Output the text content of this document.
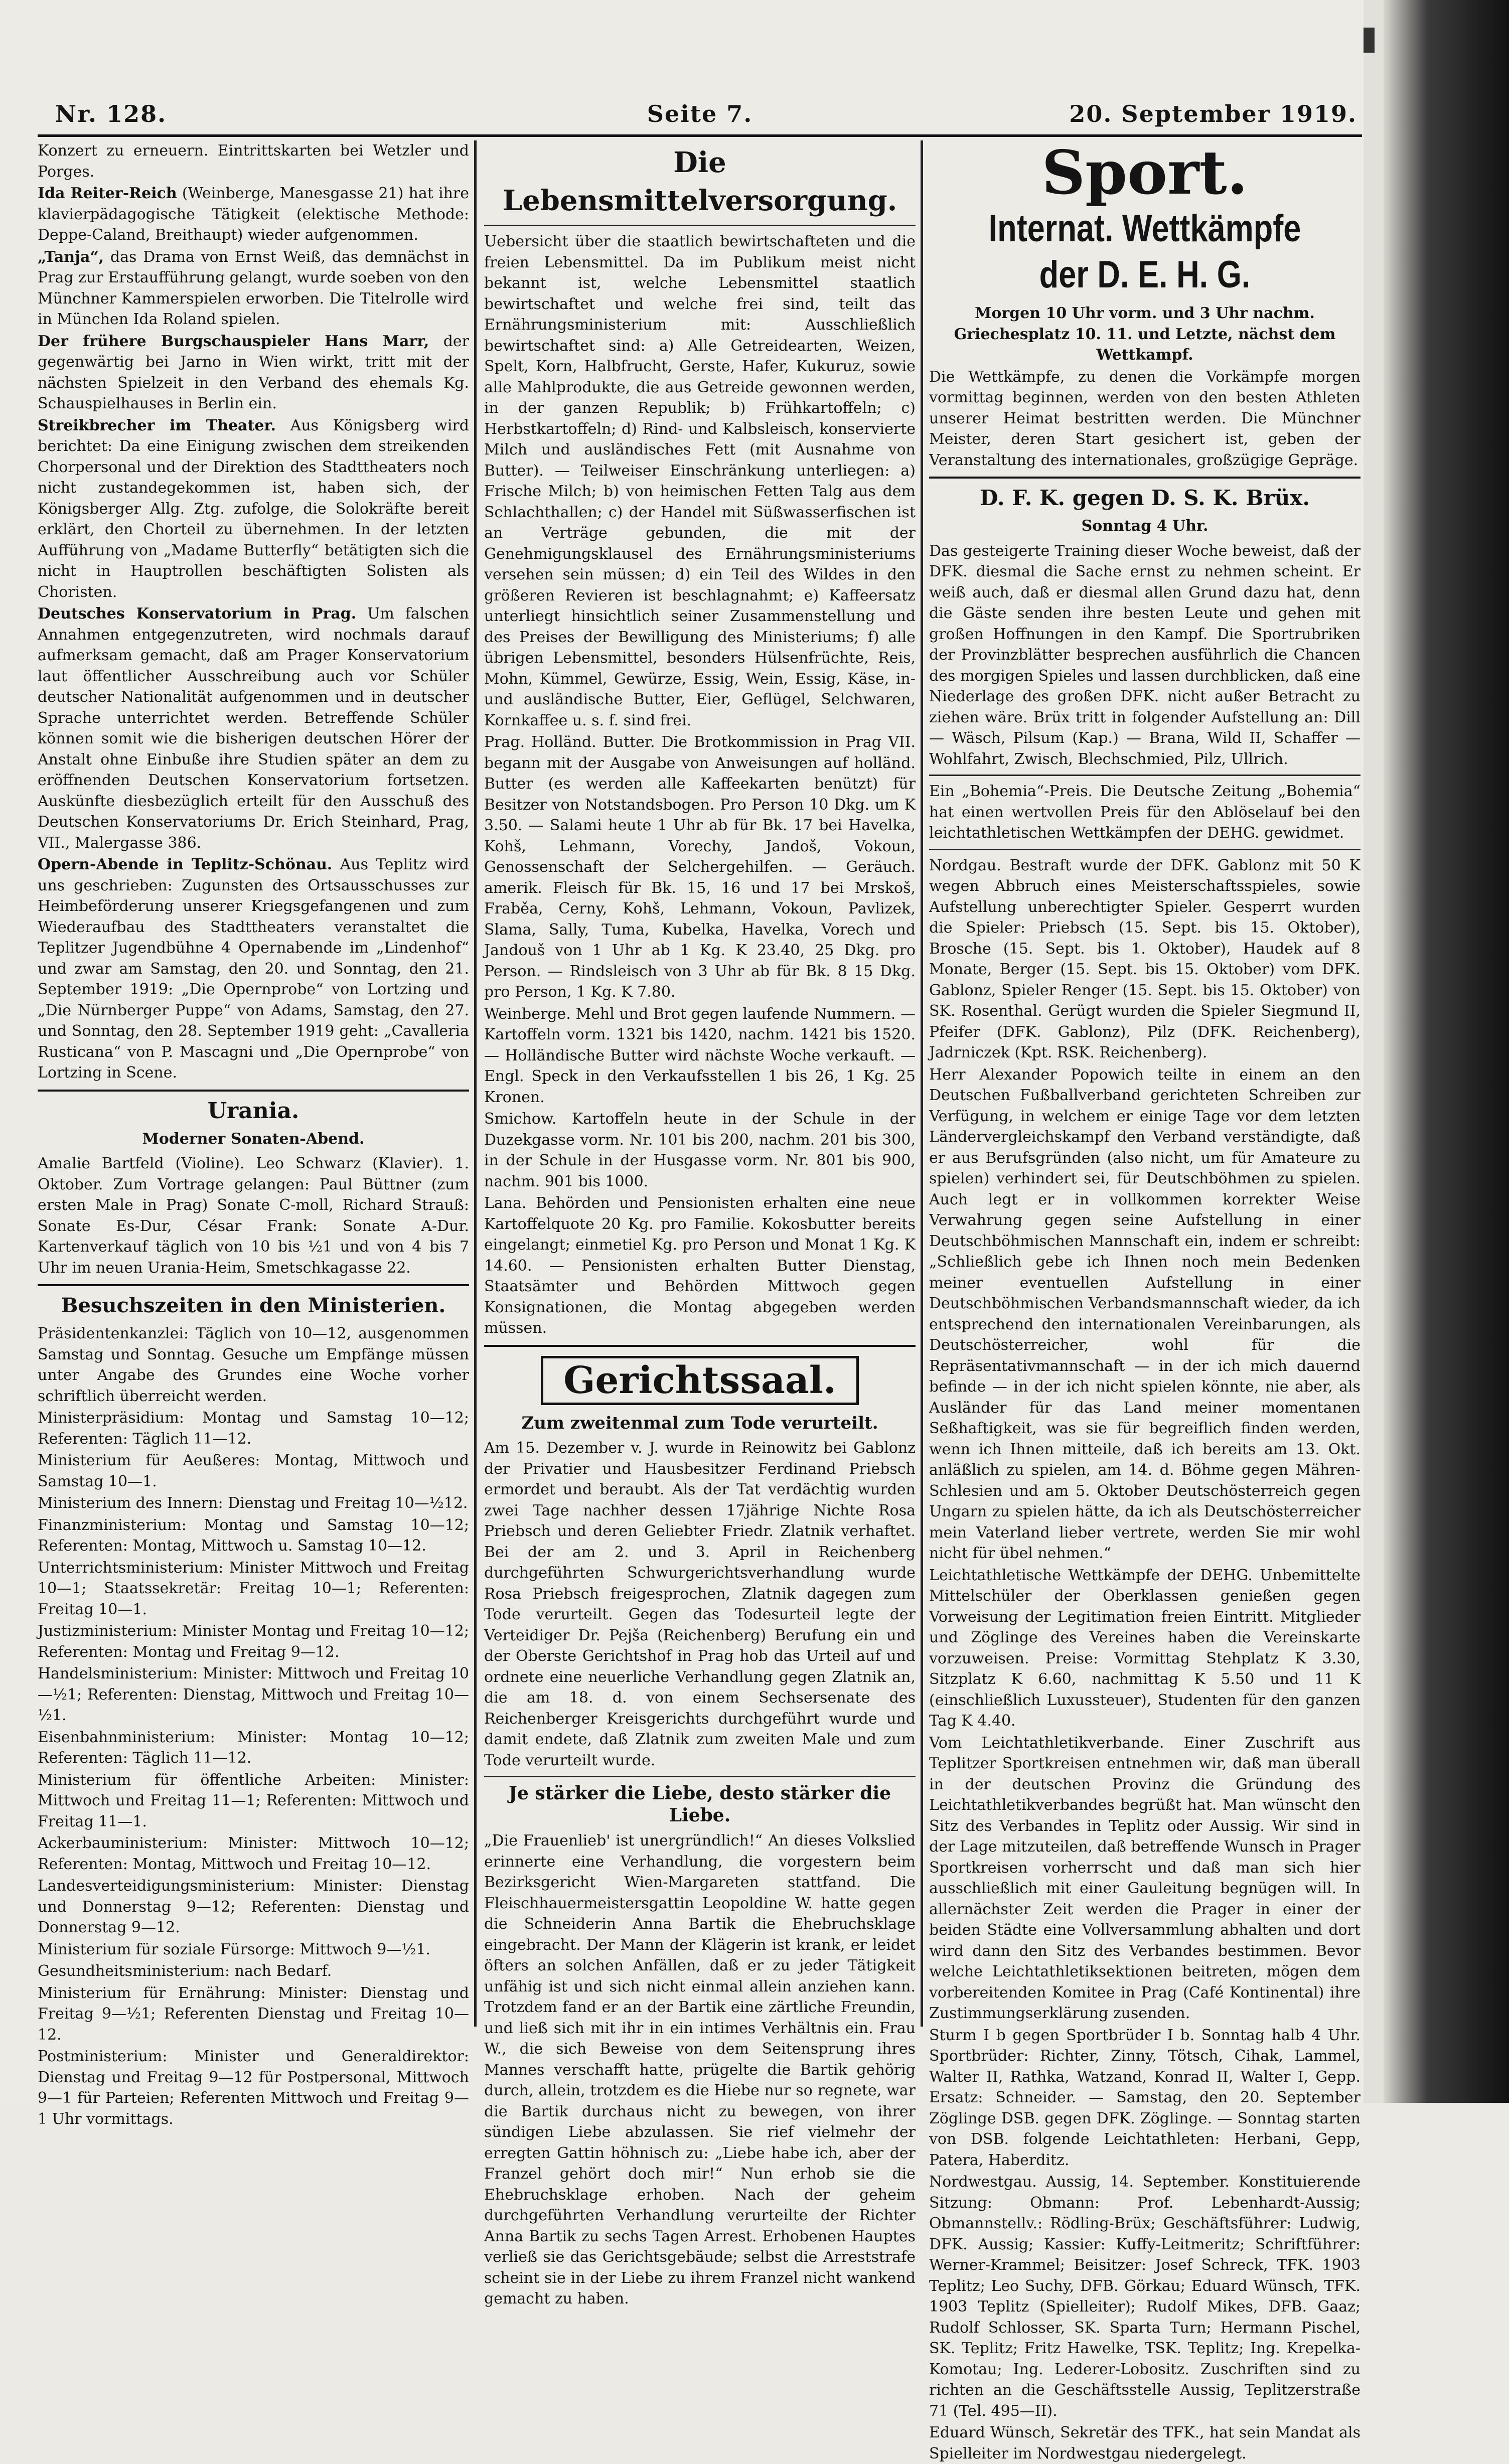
Nr. 128.	Seite 7.	20. September 1919.

Konzert zu erneuern. Eintrittskarten bei Wetzler und Porges.

Ida Reiter-Reich (Weinberge, Manesgasse 21) hat ihre klavierpädagogische Tätigkeit (elektische Methode: Deppe-Caland, Breithaupt) wieder aufgenommen.

„Tanja“, das Drama von Ernst Weiß, das demnächst in Prag zur Erstaufführung gelangt, wurde soeben von den Münchner Kammerspielen erworben. Die Titelrolle wird in München Ida Roland spielen.

Der frühere Burgschauspieler Hans Marr, der gegenwärtig bei Jarno in Wien wirkt, tritt mit der nächsten Spielzeit in den Verband des ehemals Kg. Schauspielhauses in Berlin ein.

Streikbrecher im Theater. Aus Königsberg wird berichtet: Da eine Einigung zwischen dem streikenden Chorpersonal und der Direktion des Stadttheaters noch nicht zustandegekommen ist, haben sich, der Königsberger Allg. Ztg. zufolge, die Solokräfte bereit erklärt, den Chorteil zu übernehmen. In der letzten Aufführung von „Madame Butterfly“ betätigten sich die nicht in Hauptrollen beschäftigten Solisten als Choristen.

Deutsches Konservatorium in Prag. Um falschen Annahmen entgegenzutreten, wird nochmals darauf aufmerksam gemacht, daß am Prager Konservatorium laut öffentlicher Ausschreibung auch vor Schüler deutscher Nationalität aufgenommen und in deutscher Sprache unterrichtet werden. Betreffende Schüler können somit wie die bisherigen deutschen Hörer der Anstalt ohne Einbuße ihre Studien später an dem zu eröffnenden Deutschen Konservatorium fortsetzen. Auskünfte diesbezüglich erteilt für den Ausschuß des Deutschen Konservatoriums Dr. Erich Steinhard, Prag, VII., Malergasse 386.

Opern-Abende in Teplitz-Schönau. Aus Teplitz wird uns geschrieben: Zugunsten des Ortsausschusses zur Heimbeförderung unserer Kriegsgefangenen und zum Wiederaufbau des Stadttheaters veranstaltet die Teplitzer Jugendbühne 4 Opernabende im „Lindenhof“ und zwar am Samstag, den 20. und Sonntag, den 21. September 1919: „Die Opernprobe“ von Lortzing und „Die Nürnberger Puppe“ von Adams, Samstag, den 27. und Sonntag, den 28. September 1919 geht: „Cavalleria Rusticana“ von P. Mascagni und „Die Opernprobe“ von Lortzing in Scene.

Urania.
Moderner Sonaten-Abend.

Amalie Bartfeld (Violine). Leo Schwarz (Klavier). 1. Oktober. Zum Vortrage gelangen: Paul Büttner (zum ersten Male in Prag) Sonate C-moll, Richard Strauß: Sonate Es-Dur, César Frank: Sonate A-Dur. Kartenverkauf täglich von 10 bis ½1 und von 4 bis 7 Uhr im neuen Urania-Heim, Smetschkagasse 22.

Besuchszeiten in den Ministerien.

Präsidentenkanzlei: Täglich von 10—12, ausgenommen Samstag und Sonntag. Gesuche um Empfänge müssen unter Angabe des Grundes eine Woche vorher schriftlich überreicht werden.

Ministerpräsidium: Montag und Samstag 10—12; Referenten: Täglich 11—12.

Ministerium für Aeußeres: Montag, Mittwoch und Samstag 10—1.

Ministerium des Innern: Dienstag und Freitag 10—½12.

Finanzministerium: Montag und Samstag 10—12; Referenten: Montag, Mittwoch u. Samstag 10—12.

Unterrichtsministerium: Minister Mittwoch und Freitag 10—1; Staatssekretär: Freitag 10—1; Referenten: Freitag 10—1.

Justizministerium: Minister Montag und Freitag 10—12; Referenten: Montag und Freitag 9—12.

Handelsministerium: Minister: Mittwoch und Freitag 10—½1; Referenten: Dienstag, Mittwoch und Freitag 10—½1.

Eisenbahnministerium: Minister: Montag 10—12; Referenten: Täglich 11—12.

Ministerium für öffentliche Arbeiten: Minister: Mittwoch und Freitag 11—1; Referenten: Mittwoch und Freitag 11—1.

Ackerbauministerium: Minister: Mittwoch 10—12; Referenten: Montag, Mittwoch und Freitag 10—12.

Landesverteidigungsministerium: Minister: Dienstag und Donnerstag 9—12; Referenten: Dienstag und Donnerstag 9—12.

Ministerium für soziale Fürsorge: Mittwoch 9—½1.

Gesundheitsministerium: nach Bedarf.

Ministerium für Ernährung: Minister: Dienstag und Freitag 9—½1; Referenten Dienstag und Freitag 10—12.

Postministerium: Minister und Generaldirektor: Dienstag und Freitag 9—12 für Postpersonal, Mittwoch 9—1 für Parteien; Referenten Mittwoch und Freitag 9—1 Uhr vormittags.

Die Lebensmittelversorgung.

Uebersicht über die staatlich bewirtschafteten und die freien Lebensmittel. Da im Publikum meist nicht bekannt ist, welche Lebensmittel staatlich bewirtschaftet und welche frei sind, teilt das Ernährungsministerium mit: Ausschließlich bewirtschaftet sind: a) Alle Getreidearten, Weizen, Spelt, Korn, Halbfrucht, Gerste, Hafer, Kukuruz, sowie alle Mahlprodukte, die aus Getreide gewonnen werden, in der ganzen Republik; b) Frühkartoffeln; c) Herbstkartoffeln; d) Rind- und Kalbsleisch, konservierte Milch und ausländisches Fett (mit Ausnahme von Butter). — Teilweiser Einschränkung unterliegen: a) Frische Milch; b) von heimischen Fetten Talg aus dem Schlachthallen; c) der Handel mit Süßwasserfischen ist an Verträge gebunden, die mit der Genehmigungsklausel des Ernährungsministeriums versehen sein müssen; d) ein Teil des Wildes in den größeren Revieren ist beschlagnahmt; e) Kaffeersatz unterliegt hinsichtlich seiner Zusammenstellung und des Preises der Bewilligung des Ministeriums; f) alle übrigen Lebensmittel, besonders Hülsenfrüchte, Reis, Mohn, Kümmel, Gewürze, Essig, Wein, Essig, Käse, in- und ausländische Butter, Eier, Geflügel, Selchwaren, Kornkaffee u. s. f. sind frei.

Prag. Holländ. Butter. Die Brotkommission in Prag VII. begann mit der Ausgabe von Anweisungen auf holländ. Butter (es werden alle Kaffeekarten benützt) für Besitzer von Notstandsbogen. Pro Person 10 Dkg. um K 3.50. — Salami heute 1 Uhr ab für Bk. 17 bei Havelka, Kohš, Lehmann, Vorechy, Jandoš, Vokoun, Genossenschaft der Selchergehilfen. — Geräuch. amerik. Fleisch für Bk. 15, 16 und 17 bei Mrskoš, Fraběa, Cerny, Kohš, Lehmann, Vokoun, Pavlizek, Slama, Sally, Tuma, Kubelka, Havelka, Vorech und Jandouš von 1 Uhr ab 1 Kg. K 23.40, 25 Dkg. pro Person. — Rindsleisch von 3 Uhr ab für Bk. 8 15 Dkg. pro Person, 1 Kg. K 7.80.

Weinberge. Mehl und Brot gegen laufende Nummern. — Kartoffeln vorm. 1321 bis 1420, nachm. 1421 bis 1520. — Holländische Butter wird nächste Woche verkauft. — Engl. Speck in den Verkaufsstellen 1 bis 26, 1 Kg. 25 Kronen.

Smichow. Kartoffeln heute in der Schule in der Duzekgasse vorm. Nr. 101 bis 200, nachm. 201 bis 300, in der Schule in der Husgasse vorm. Nr. 801 bis 900, nachm. 901 bis 1000.

Lana. Behörden und Pensionisten erhalten eine neue Kartoffelquote 20 Kg. pro Familie. Kokosbutter bereits eingelangt; einmetiel Kg. pro Person und Monat 1 Kg. K 14.60. — Pensionisten erhalten Butter Dienstag, Staatsämter und Behörden Mittwoch gegen Konsignationen, die Montag abgegeben werden müssen.

Gerichtssaal.
Zum zweitenmal zum Tode verurteilt.

Am 15. Dezember v. J. wurde in Reinowitz bei Gablonz der Privatier und Hausbesitzer Ferdinand Priebsch ermordet und beraubt. Als der Tat verdächtig wurden zwei Tage nachher dessen 17jährige Nichte Rosa Priebsch und deren Geliebter Friedr. Zlatnik verhaftet. Bei der am 2. und 3. April in Reichenberg durchgeführten Schwurgerichtsverhandlung wurde Rosa Priebsch freigesprochen, Zlatnik dagegen zum Tode verurteilt. Gegen das Todesurteil legte der Verteidiger Dr. Pejša (Reichenberg) Berufung ein und der Oberste Gerichtshof in Prag hob das Urteil auf und ordnete eine neuerliche Verhandlung gegen Zlatnik an, die am 18. d. von einem Sechsersenate des Reichenberger Kreisgerichts durchgeführt wurde und damit endete, daß Zlatnik zum zweiten Male und zum Tode verurteilt wurde.

Je stärker die Liebe, desto stärker die Liebe.

„Die Frauenlieb' ist unergründlich!“ An dieses Volkslied erinnerte eine Verhandlung, die vorgestern beim Bezirksgericht Wien-Margareten stattfand. Die Fleischhauermeistersgattin Leopoldine W. hatte gegen die Schneiderin Anna Bartik die Ehebruchsklage eingebracht. Der Mann der Klägerin ist krank, er leidet öfters an solchen Anfällen, daß er zu jeder Tätigkeit unfähig ist und sich nicht einmal allein anziehen kann. Trotzdem fand er an der Bartik eine zärtliche Freundin, und ließ sich mit ihr in ein intimes Verhältnis ein. Frau W., die sich Beweise von dem Seitensprung ihres Mannes verschafft hatte, prügelte die Bartik gehörig durch, allein, trotzdem es die Hiebe nur so regnete, war die Bartik durchaus nicht zu bewegen, von ihrer sündigen Liebe abzulassen. Sie rief vielmehr der erregten Gattin höhnisch zu: „Liebe habe ich, aber der Franzel gehört doch mir!“ Nun erhob sie die Ehebruchsklage erhoben. Nach der geheim durchgeführten Verhandlung verurteilte der Richter Anna Bartik zu sechs Tagen Arrest. Erhobenen Hauptes verließ sie das Gerichtsgebäude; selbst die Arreststrafe scheint sie in der Liebe zu ihrem Franzel nicht wankend gemacht zu haben.

Sport.
Internat. Wettkämpfe der D. E. H. G.

Morgen 10 Uhr vorm. und 3 Uhr nachm. Griechesplatz 10. 11. und Letzte, nächst dem Wettkampf.

Die Wettkämpfe, zu denen die Vorkämpfe morgen vormittag beginnen, werden von den besten Athleten unserer Heimat bestritten werden. Die Münchner Meister, deren Start gesichert ist, geben der Veranstaltung des internationales, großzügige Gepräge.

D. F. K. gegen D. S. K. Brüx.
Sonntag 4 Uhr.

Das gesteigerte Training dieser Woche beweist, daß der DFK. diesmal die Sache ernst zu nehmen scheint. Er weiß auch, daß er diesmal allen Grund dazu hat, denn die Gäste senden ihre besten Leute und gehen mit großen Hoffnungen in den Kampf. Die Sportrubriken der Provinzblätter besprechen ausführlich die Chancen des morgigen Spieles und lassen durchblicken, daß eine Niederlage des großen DFK. nicht außer Betracht zu ziehen wäre. Brüx tritt in folgender Aufstellung an: Dill — Wäsch, Pilsum (Kap.) — Brana, Wild II, Schaffer — Wohlfahrt, Zwisch, Blechschmied, Pilz, Ullrich.

Ein „Bohemia“-Preis. Die Deutsche Zeitung „Bohemia“ hat einen wertvollen Preis für den Ablöselauf bei den leichtathletischen Wettkämpfen der DEHG. gewidmet.

Nordgau. Bestraft wurde der DFK. Gablonz mit 50 K wegen Abbruch eines Meisterschaftsspieles, sowie Aufstellung unberechtigter Spieler. Gesperrt wurden die Spieler: Priebsch (15. Sept. bis 15. Oktober), Brosche (15. Sept. bis 1. Oktober), Haudek auf 8 Monate, Berger (15. Sept. bis 15. Oktober) vom DFK. Gablonz, Spieler Renger (15. Sept. bis 15. Oktober) von SK. Rosenthal. Gerügt wurden die Spieler Siegmund II, Pfeifer (DFK. Gablonz), Pilz (DFK. Reichenberg), Jadrniczek (Kpt. RSK. Reichenberg).

Herr Alexander Popowich teilte in einem an den Deutschen Fußballverband gerichteten Schreiben zur Verfügung, in welchem er einige Tage vor dem letzten Ländervergleichskampf den Verband verständigte, daß er aus Berufsgründen (also nicht, um für Amateure zu spielen) verhindert sei, für Deutschböhmen zu spielen. Auch legt er in vollkommen korrekter Weise Verwahrung gegen seine Aufstellung in einer Deutschböhmischen Mannschaft ein, indem er schreibt: „Schließlich gebe ich Ihnen noch mein Bedenken meiner eventuellen Aufstellung in einer Deutschböhmischen Verbandsmannschaft wieder, da ich entsprechend den internationalen Vereinbarungen, als Deutschösterreicher, wohl für die Repräsentativmannschaft — in der ich mich dauernd befinde — in der ich nicht spielen könnte, nie aber, als Ausländer für das Land meiner momentanen Seßhaftigkeit, was sie für begreiflich finden werden, wenn ich Ihnen mitteile, daß ich bereits am 13. Okt. anläßlich zu spielen, am 14. d. Böhme gegen Mähren-Schlesien und am 5. Oktober Deutschösterreich gegen Ungarn zu spielen hätte, da ich als Deutschösterreicher mein Vaterland lieber vertrete, werden Sie mir wohl nicht für übel nehmen.“

Leichtathletische Wettkämpfe der DEHG. Unbemittelte Mittelschüler der Oberklassen genießen gegen Vorweisung der Legitimation freien Eintritt. Mitglieder und Zöglinge des Vereines haben die Vereinskarte vorzuweisen. Preise: Vormittag Stehplatz K 3.30, Sitzplatz K 6.60, nachmittag K 5.50 und 11 K (einschließlich Luxussteuer), Studenten für den ganzen Tag K 4.40.

Vom Leichtathletikverbande. Einer Zuschrift aus Teplitzer Sportkreisen entnehmen wir, daß man überall in der deutschen Provinz die Gründung des Leichtathletikverbandes begrüßt hat. Man wünscht den Sitz des Verbandes in Teplitz oder Aussig. Wir sind in der Lage mitzuteilen, daß betreffende Wunsch in Prager Sportkreisen vorherrscht und daß man sich hier ausschließlich mit einer Gauleitung begnügen will. In allernächster Zeit werden die Prager in einer der beiden Städte eine Vollversammlung abhalten und dort wird dann den Sitz des Verbandes bestimmen. Bevor welche Leichtathletiksektionen beitreten, mögen dem vorbereitenden Komitee in Prag (Café Kontinental) ihre Zustimmungserklärung zusenden.

Sturm I b gegen Sportbrüder I b. Sonntag halb 4 Uhr. Sportbrüder: Richter, Zinny, Tötsch, Cihak, Lammel, Walter II, Rathka, Watzand, Konrad II, Walter I, Gepp. Ersatz: Schneider. — Samstag, den 20. September Zöglinge DSB. gegen DFK. Zöglinge. — Sonntag starten von DSB. folgende Leichtathleten: Herbani, Gepp, Patera, Haberditz.

Nordwestgau. Aussig, 14. September. Konstituierende Sitzung: Obmann: Prof. Lebenhardt-Aussig; Obmannstellv.: Rödling-Brüx; Geschäftsführer: Ludwig, DFK. Aussig; Kassier: Kuffy-Leitmeritz; Schriftführer: Werner-Krammel; Beisitzer: Josef Schreck, TFK. 1903 Teplitz; Leo Suchy, DFB. Görkau; Eduard Wünsch, TFK. 1903 Teplitz (Spielleiter); Rudolf Mikes, DFB. Gaaz; Rudolf Schlosser, SK. Sparta Turn; Hermann Pischel, SK. Teplitz; Fritz Hawelke, TSK. Teplitz; Ing. Krepelka-Komotau; Ing. Lederer-Lobositz. Zuschriften sind zu richten an die Geschäftsstelle Aussig, Teplitzerstraße 71 (Tel. 495—II).

Eduard Wünsch, Sekretär des TFK., hat sein Mandat als Spielleiter im Nordwestgau niedergelegt.
